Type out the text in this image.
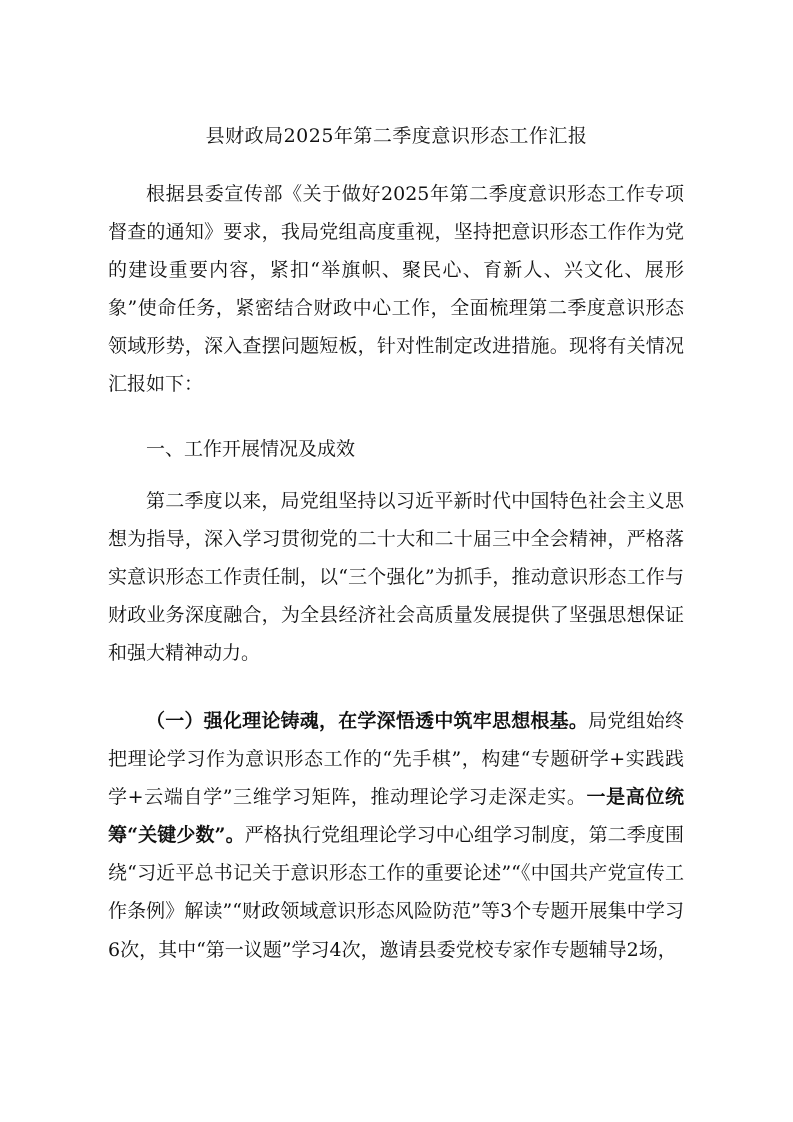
县财政局2025年第二季度意识形态工作汇报

根据县委宣传部《关于做好2025年第二季度意识形态工作专项督查的通知》要求，我局党组高度重视，坚持把意识形态工作作为党的建设重要内容，紧扣“举旗帜、聚民心、育新人、兴文化、展形象”使命任务，紧密结合财政中心工作，全面梳理第二季度意识形态领域形势，深入查摆问题短板，针对性制定改进措施。现将有关情况汇报如下：

一、工作开展情况及成效

第二季度以来，局党组坚持以习近平新时代中国特色社会主义思想为指导，深入学习贯彻党的二十大和二十届三中全会精神，严格落实意识形态工作责任制，以“三个强化”为抓手，推动意识形态工作与财政业务深度融合，为全县经济社会高质量发展提供了坚强思想保证和强大精神动力。

（一）强化理论铸魂，在学深悟透中筑牢思想根基。局党组始终把理论学习作为意识形态工作的“先手棋”，构建“专题研学+实践践学+云端自学”三维学习矩阵，推动理论学习走深走实。一是高位统筹“关键少数”。严格执行党组理论学习中心组学习制度，第二季度围绕“习近平总书记关于意识形态工作的重要论述”“《中国共产党宣传工作条例》解读”“财政领域意识形态风险防范”等3个专题开展集中学习6次，其中“第一议题”学习4次，邀请县委党校专家作专题辅导2场，
